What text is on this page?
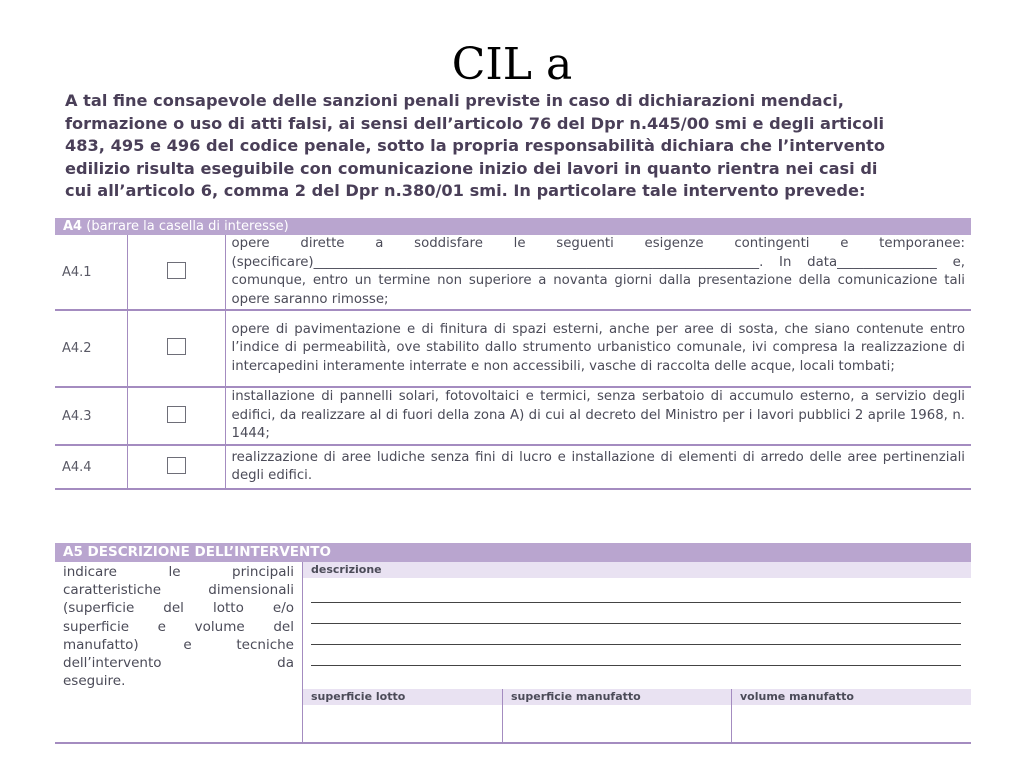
CIL a
A tal fine consapevole delle sanzioni penali previste in caso di dichiarazioni mendaci,
formazione o uso di atti falsi, ai sensi dell’articolo 76 del Dpr n.445/00 smi e degli articoli
483, 495 e 496 del codice penale, sotto la propria responsabilità dichiara che l’intervento
edilizio risulta eseguibile con comunicazione inizio dei lavori in quanto rientra nei casi di
cui all’articolo 6, comma 2 del Dpr n.380/01 smi. In particolare tale intervento prevede:
A4 (barrare la casella di interesse)		
A4.1		opere dirette a soddisfare le seguenti esigenze contingenti e temporanee: (specificare)___________________________________________________________________. In data_______________ e, comunque, entro un termine non superiore a novanta giorni dalla presentazione della comunicazione tali opere saranno rimosse;
A4.2		opere di pavimentazione e di finitura di spazi esterni, anche per aree di sosta, che siano contenute entro l’indice di permeabilità, ove stabilito dallo strumento urbanistico comunale, ivi compresa la realizzazione di intercapedini interamente interrate e non accessibili, vasche di raccolta delle acque, locali tombati;
A4.3		installazione di pannelli solari, fotovoltaici e termici, senza serbatoio di accumulo esterno, a servizio degli edifici, da realizzare al di fuori della zona A) di cui al decreto del Ministro per i lavori pubblici 2 aprile 1968, n. 1444;
A4.4		realizzazione di aree ludiche senza fini di lucro e installazione di elementi di arredo delle aree pertinenziali degli edifici.
A5 DESCRIZIONE DELL’INTERVENTO
indicare le principali
caratteristiche dimensionali
(superficie del lotto e/o
superficie e volume del
manufatto) e tecniche
dell’intervento da
eseguire.
descrizione
superficie lotto	superficie manufatto	volume manufatto
